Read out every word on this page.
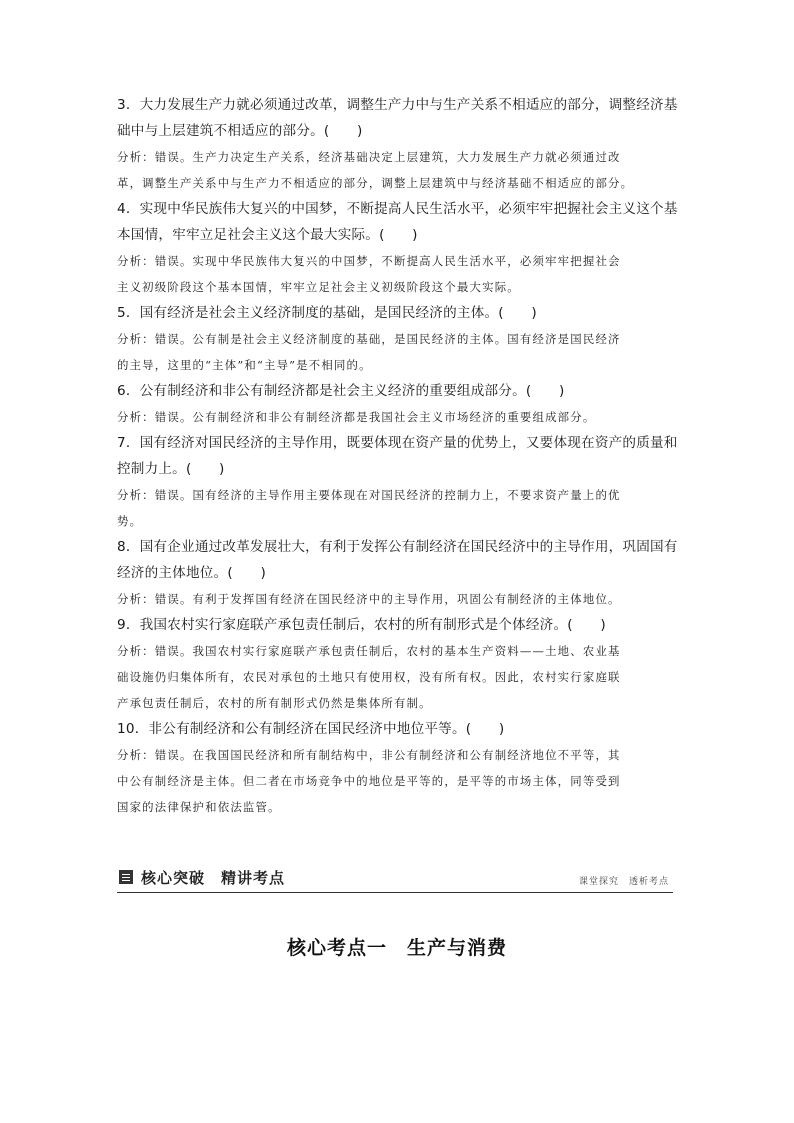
3．大力发展生产力就必须通过改革，调整生产力中与生产关系不相适应的部分，调整经济基

础中与上层建筑不相适应的部分。(　　)

分析：错误。生产力决定生产关系，经济基础决定上层建筑，大力发展生产力就必须通过改

革，调整生产关系中与生产力不相适应的部分，调整上层建筑中与经济基础不相适应的部分。

4．实现中华民族伟大复兴的中国梦，不断提高人民生活水平，必须牢牢把握社会主义这个基

本国情，牢牢立足社会主义这个最大实际。(　　)

分析：错误。实现中华民族伟大复兴的中国梦，不断提高人民生活水平，必须牢牢把握社会

主义初级阶段这个基本国情，牢牢立足社会主义初级阶段这个最大实际。

5．国有经济是社会主义经济制度的基础，是国民经济的主体。(　　)

分析：错误。公有制是社会主义经济制度的基础，是国民经济的主体。国有经济是国民经济

的主导，这里的“主体”和“主导”是不相同的。

6．公有制经济和非公有制经济都是社会主义经济的重要组成部分。(　　)

分析：错误。公有制经济和非公有制经济都是我国社会主义市场经济的重要组成部分。

7．国有经济对国民经济的主导作用，既要体现在资产量的优势上，又要体现在资产的质量和

控制力上。(　　)

分析：错误。国有经济的主导作用主要体现在对国民经济的控制力上，不要求资产量上的优

势。

8．国有企业通过改革发展壮大，有利于发挥公有制经济在国民经济中的主导作用，巩固国有

经济的主体地位。(　　)

分析：错误。有利于发挥国有经济在国民经济中的主导作用，巩固公有制经济的主体地位。

9．我国农村实行家庭联产承包责任制后，农村的所有制形式是个体经济。(　　)

分析：错误。我国农村实行家庭联产承包责任制后，农村的基本生产资料——土地、农业基

础设施仍归集体所有，农民对承包的土地只有使用权，没有所有权。因此，农村实行家庭联

产承包责任制后，农村的所有制形式仍然是集体所有制。

10．非公有制经济和公有制经济在国民经济中地位平等。(　　)

分析：错误。在我国国民经济和所有制结构中，非公有制经济和公有制经济地位不平等，其

中公有制经济是主体。但二者在市场竞争中的地位是平等的，是平等的市场主体，同等受到

国家的法律保护和依法监管。

核心突破　精讲考点	课堂探究　透析考点
核心考点一　生产与消费
